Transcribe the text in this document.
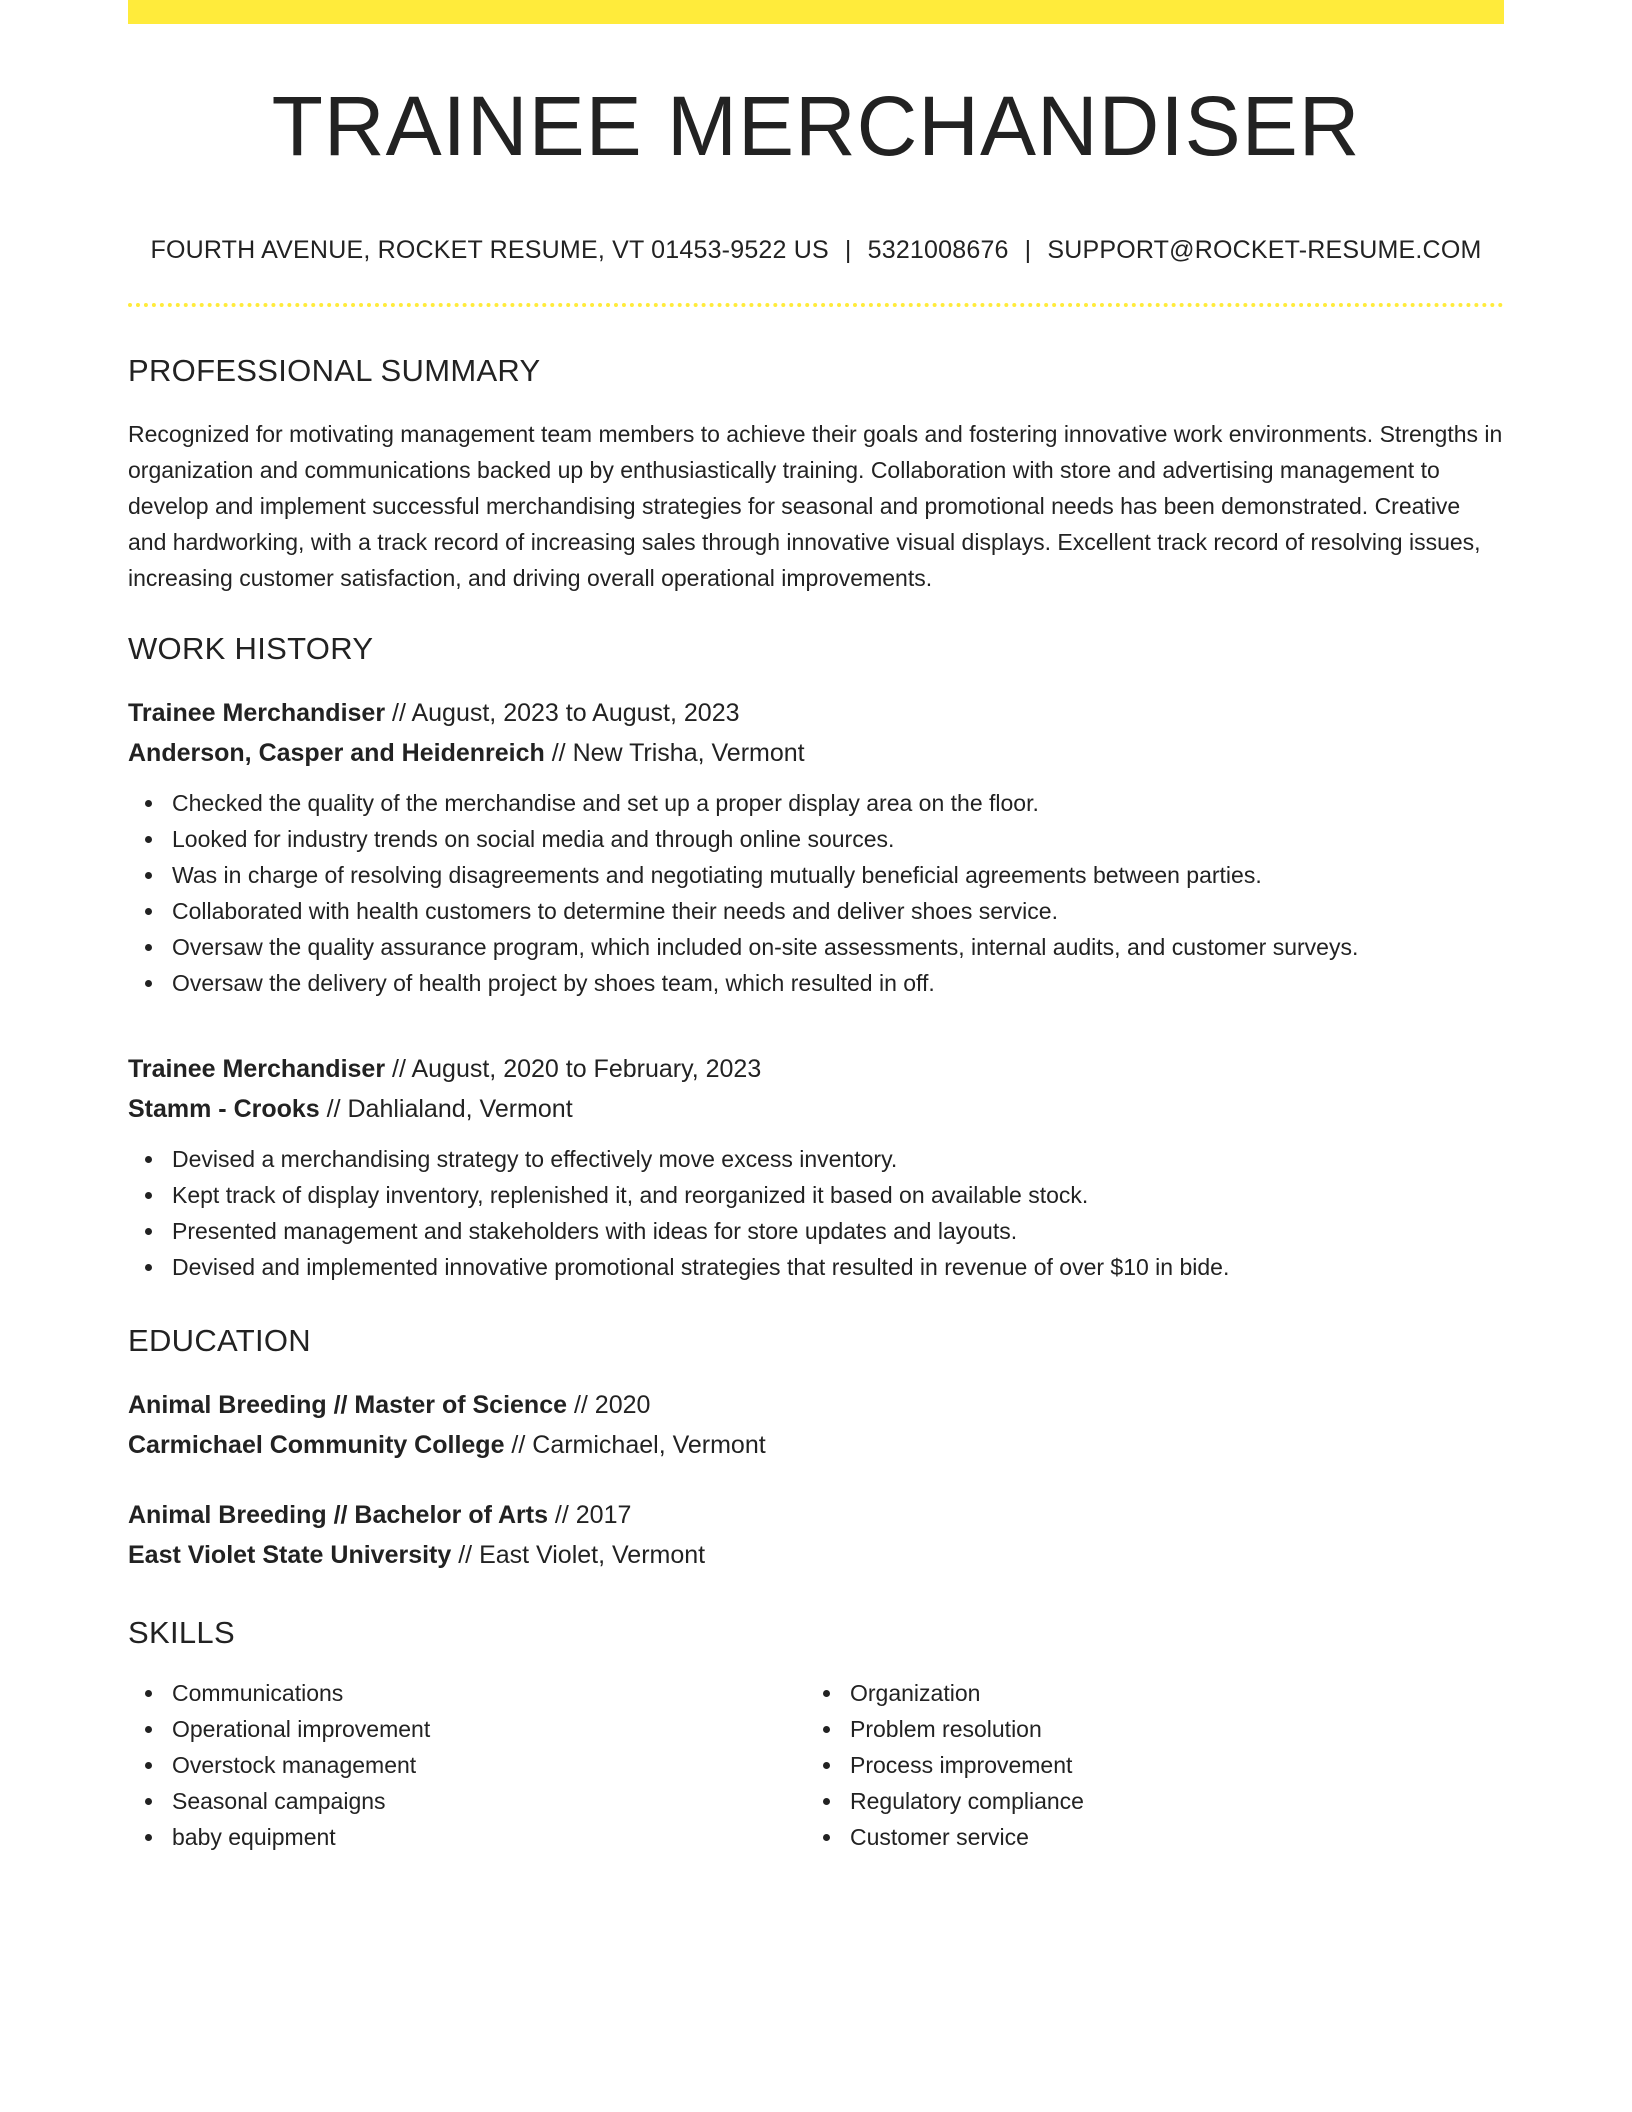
TRAINEE MERCHANDISER
FOURTH AVENUE, ROCKET RESUME, VT 01453-9522 US | 5321008676 | SUPPORT@ROCKET-RESUME.COM
PROFESSIONAL SUMMARY
Recognized for motivating management team members to achieve their goals and fostering innovative work environments. Strengths in organization and communications backed up by enthusiastically training. Collaboration with store and advertising management to develop and implement successful merchandising strategies for seasonal and promotional needs has been demonstrated. Creative and hardworking, with a track record of increasing sales through innovative visual displays. Excellent track record of resolving issues, increasing customer satisfaction, and driving overall operational improvements.
WORK HISTORY
Trainee Merchandiser // August, 2023 to August, 2023
Anderson, Casper and Heidenreich // New Trisha, Vermont
Checked the quality of the merchandise and set up a proper display area on the floor.
Looked for industry trends on social media and through online sources.
Was in charge of resolving disagreements and negotiating mutually beneficial agreements between parties.
Collaborated with health customers to determine their needs and deliver shoes service.
Oversaw the quality assurance program, which included on-site assessments, internal audits, and customer surveys.
Oversaw the delivery of health project by shoes team, which resulted in off.
Trainee Merchandiser // August, 2020 to February, 2023
Stamm - Crooks // Dahlialand, Vermont
Devised a merchandising strategy to effectively move excess inventory.
Kept track of display inventory, replenished it, and reorganized it based on available stock.
Presented management and stakeholders with ideas for store updates and layouts.
Devised and implemented innovative promotional strategies that resulted in revenue of over $10 in bide.
EDUCATION
Animal Breeding // Master of Science // 2020
Carmichael Community College // Carmichael, Vermont
Animal Breeding // Bachelor of Arts // 2017
East Violet State University // East Violet, Vermont
SKILLS
Communications
Operational improvement
Overstock management
Seasonal campaigns
baby equipment
Organization
Problem resolution
Process improvement
Regulatory compliance
Customer service
